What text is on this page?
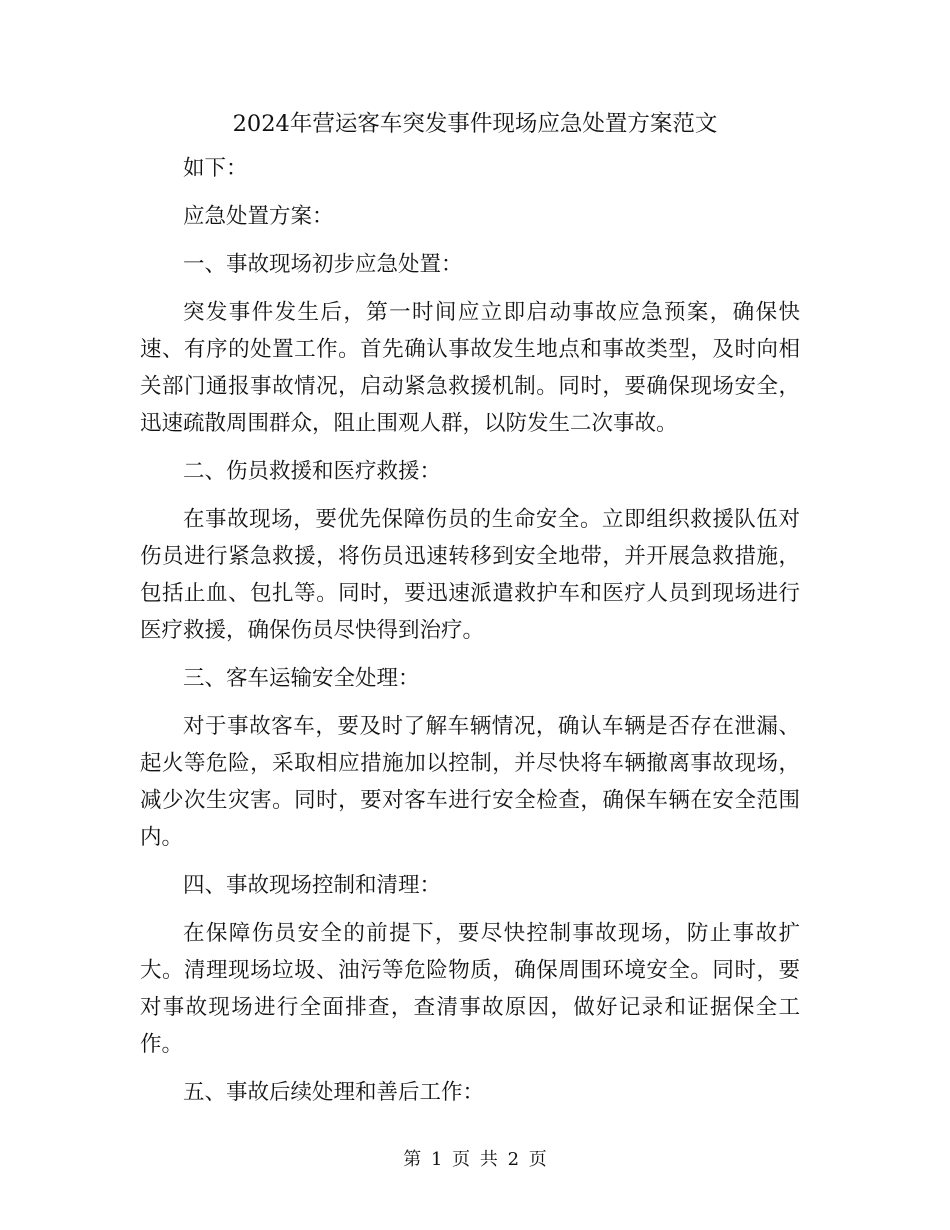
2024年营运客车突发事件现场应急处置方案范文

如下：

应急处置方案：

一、事故现场初步应急处置：

突发事件发生后，第一时间应立即启动事故应急预案，确保快速、有序的处置工作。首先确认事故发生地点和事故类型，及时向相关部门通报事故情况，启动紧急救援机制。同时，要确保现场安全，迅速疏散周围群众，阻止围观人群，以防发生二次事故。

二、伤员救援和医疗救援：

在事故现场，要优先保障伤员的生命安全。立即组织救援队伍对伤员进行紧急救援，将伤员迅速转移到安全地带，并开展急救措施，包括止血、包扎等。同时，要迅速派遣救护车和医疗人员到现场进行医疗救援，确保伤员尽快得到治疗。

三、客车运输安全处理：

对于事故客车，要及时了解车辆情况，确认车辆是否存在泄漏、起火等危险，采取相应措施加以控制，并尽快将车辆撤离事故现场，减少次生灾害。同时，要对客车进行安全检查，确保车辆在安全范围内。

四、事故现场控制和清理：

在保障伤员安全的前提下，要尽快控制事故现场，防止事故扩大。清理现场垃圾、油污等危险物质，确保周围环境安全。同时，要对事故现场进行全面排查，查清事故原因，做好记录和证据保全工作。

五、事故后续处理和善后工作：

第 1 页 共 2 页
